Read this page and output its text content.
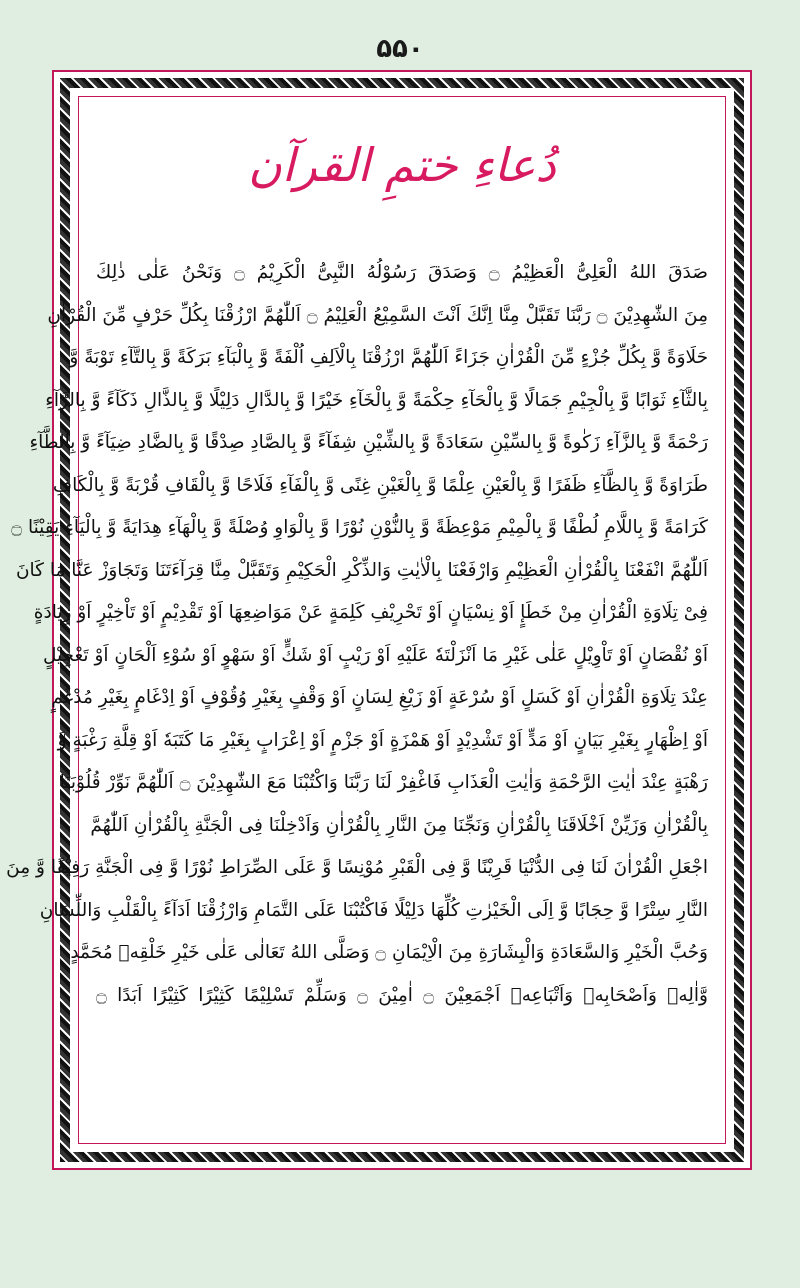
۵۵۰
دُعاءِ ختمِ القرآن
صَدَقَ اللهُ الْعَلِیُّ الْعَظِیْمُ ۝ وَصَدَقَ رَسُوْلُهُ النَّبِیُّ الْكَرِیْمُ ۝ وَنَحْنُ عَلٰی ذٰلِكَ
مِنَ الشّٰهِدِیْنَ ۝ رَبَّنَا تَقَبَّلْ مِنَّا اِنَّكَ اَنْتَ السَّمِیْعُ الْعَلِیْمُ ۝ اَللّٰهُمَّ ارْزُقْنَا بِكُلِّ حَرْفٍ مِّنَ الْقُرْاٰنِ
حَلَاوَةً وَّ بِكُلِّ جُزْءٍ مِّنَ الْقُرْاٰنِ جَزَاءً اَللّٰهُمَّ ارْزُقْنَا بِالْاَلِفِ اُلْفَةً وَّ بِالْبَآءِ بَرَكَةً وَّ بِالتَّآءِ تَوْبَةً وَّ
بِالثَّآءِ ثَوَابًا وَّ بِالْجِیْمِ جَمَالًا وَّ بِالْحَآءِ حِكْمَةً وَّ بِالْخَآءِ خَیْرًا وَّ بِالدَّالِ دَلِیْلًا وَّ بِالذَّالِ ذَكَآءً وَّ بِالرَّآءِ
رَحْمَةً وَّ بِالزَّآءِ زَكٰوةً وَّ بِالسِّیْنِ سَعَادَةً وَّ بِالشِّیْنِ شِفَآءً وَّ بِالصَّادِ صِدْقًا وَّ بِالضَّادِ ضِیَآءً وَّ بِالطَّآءِ
طَرَاوَةً وَّ بِالظَّآءِ ظَفَرًا وَّ بِالْعَیْنِ عِلْمًا وَّ بِالْغَیْنِ غِنًی وَّ بِالْفَآءِ فَلَاحًا وَّ بِالْقَافِ قُرْبَةً وَّ بِالْكَافِ
كَرَامَةً وَّ بِاللَّامِ لُطْفًا وَّ بِالْمِیْمِ مَوْعِظَةً وَّ بِالنُّوْنِ نُوْرًا وَّ بِالْوَاوِ وُصْلَةً وَّ بِالْهَآءِ هِدَایَةً وَّ بِالْیَآءِ یَقِیْنًا ۝
اَللّٰهُمَّ انْفَعْنَا بِالْقُرْاٰنِ الْعَظِیْمِ وَارْفَعْنَا بِالْاٰیٰتِ وَالذِّكْرِ الْحَكِیْمِ وَتَقَبَّلْ مِنَّا قِرَآءَتَنَا وَتَجَاوَزْ عَنَّا مَا كَانَ
فِیْ تِلَاوَةِ الْقُرْاٰنِ مِنْ خَطَإٍ اَوْ نِسْیَانٍ اَوْ تَحْرِیْفِ كَلِمَةٍ عَنْ مَوَاضِعِهَا اَوْ تَقْدِیْمٍ اَوْ تَاْخِیْرٍ اَوْ زِیَادَةٍ
اَوْ نُقْصَانٍ اَوْ تَاْوِیْلٍ عَلٰی غَیْرِ مَا اَنْزَلْتَهٗ عَلَیْهِ اَوْ رَیْبٍ اَوْ شَكٍّ اَوْ سَهْوٍ اَوْ سُوْءِ اَلْحَانٍ اَوْ تَعْجِیْلٍ
عِنْدَ تِلَاوَةِ الْقُرْاٰنِ اَوْ كَسَلٍ اَوْ سُرْعَةٍ اَوْ زَیْغِ لِسَانٍ اَوْ وَقْفٍ بِغَیْرِ وُقُوْفٍ اَوْ اِدْغَامٍ بِغَیْرِ مُدْغَمٍ
اَوْ اِظْهَارٍ بِغَیْرِ بَیَانٍ اَوْ مَدٍّ اَوْ تَشْدِیْدٍ اَوْ هَمْزَةٍ اَوْ جَزْمٍ اَوْ اِعْرَابٍ بِغَیْرِ مَا كَتَبَهٗ اَوْ قِلَّةِ رَغْبَةٍ وَّ
رَهْبَةٍ عِنْدَ اٰیٰتِ الرَّحْمَةِ وَاٰیٰتِ الْعَذَابِ فَاغْفِرْ لَنَا رَبَّنَا وَاكْتُبْنَا مَعَ الشّٰهِدِیْنَ ۝ اَللّٰهُمَّ نَوِّرْ قُلُوْبَنَا
بِالْقُرْاٰنِ وَزَیِّنْ اَخْلَاقَنَا بِالْقُرْاٰنِ وَنَجِّنَا مِنَ النَّارِ بِالْقُرْاٰنِ وَاَدْخِلْنَا فِی الْجَنَّةِ بِالْقُرْاٰنِ اَللّٰهُمَّ
اجْعَلِ الْقُرْاٰنَ لَنَا فِی الدُّنْیَا قَرِیْنًا وَّ فِی الْقَبْرِ مُوْنِسًا وَّ عَلَی الصِّرَاطِ نُوْرًا وَّ فِی الْجَنَّةِ رَفِیْقًا وَّ مِنَ
النَّارِ سِتْرًا وَّ حِجَابًا وَّ اِلَی الْخَیْرٰتِ كُلِّهَا دَلِیْلًا فَاكْتُبْنَا عَلَی التَّمَامِ وَارْزُقْنَا اَدَآءً بِالْقَلْبِ وَاللِّسَانِ
وَحُبَّ الْخَیْرِ وَالسَّعَادَةِ وَالْبِشَارَةِ مِنَ الْاِیْمَانِ ۝ وَصَلَّی اللهُ تَعَالٰی عَلٰی خَیْرِ خَلْقِهٖ مُحَمَّدٍ
وَّاٰلِهٖ وَاَصْحَابِهٖ وَاَتْبَاعِهٖ اَجْمَعِیْنَ ۝ اٰمِیْنَ ۝ وَسَلِّمْ تَسْلِیْمًا كَثِیْرًا كَثِیْرًا اَبَدًا ۝
